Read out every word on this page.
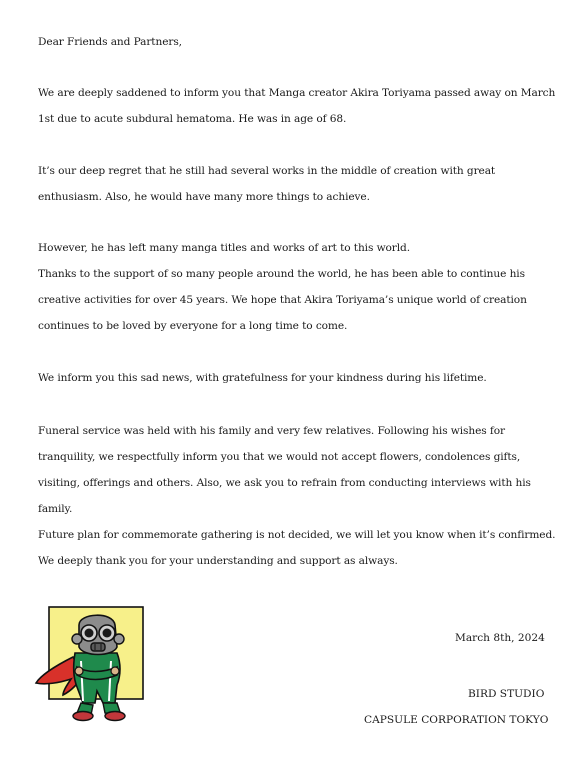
Dear Friends and Partners,
We are deeply saddened to inform you that Manga creator Akira Toriyama passed away on March
1st due to acute subdural hematoma. He was in age of 68.
It’s our deep regret that he still had several works in the middle of creation with great
enthusiasm. Also, he would have many more things to achieve.
However, he has left many manga titles and works of art to this world.
Thanks to the support of so many people around the world, he has been able to continue his
creative activities for over 45 years. We hope that Akira Toriyama’s unique world of creation
continues to be loved by everyone for a long time to come.
We inform you this sad news, with gratefulness for your kindness during his lifetime.
Funeral service was held with his family and very few relatives. Following his wishes for
tranquility, we respectfully inform you that we would not accept flowers, condolences gifts,
visiting, offerings and others. Also, we ask you to refrain from conducting interviews with his
family.
Future plan for commemorate gathering is not decided, we will let you know when it’s confirmed.
We deeply thank you for your understanding and support as always.
March 8th, 2024
BIRD STUDIO
CAPSULE CORPORATION TOKYO
